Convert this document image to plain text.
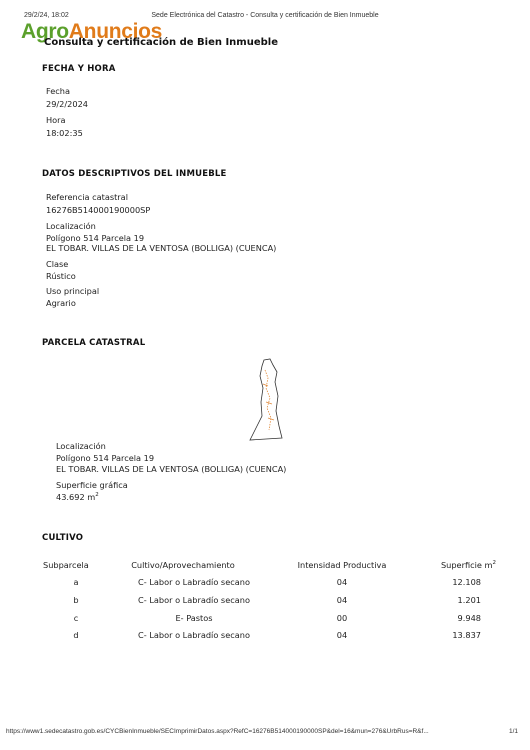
29/2/24, 18:02	Sede Electrónica del Catastro - Consulta y certificación de Bien Inmueble
AgroAnuncios
Consulta y certificación de Bien Inmueble
FECHA Y HORA
Fecha
29/2/2024
Hora
18:02:35
DATOS DESCRIPTIVOS DEL INMUEBLE
Referencia catastral
16276B514000190000SP
Localización
Polígono 514 Parcela 19
EL TOBAR. VILLAS DE LA VENTOSA (BOLLIGA) (CUENCA)
Clase
Rústico
Uso principal
Agrario
PARCELA CATASTRAL
Localización
Polígono 514 Parcela 19
EL TOBAR. VILLAS DE LA VENTOSA (BOLLIGA) (CUENCA)
Superficie gráfica
43.692 $m^2$
CULTIVO
Subparcela	Cultivo/Aprovechamiento	Intensidad Productiva	Superficie $m^2$
a	C- Labor o Labradío secano	04	12.108
b	C- Labor o Labradío secano	04	1.201
c	E- Pastos	00	9.948
d	C- Labor o Labradío secano	04	13.837
https://www1.sedecatastro.gob.es/CYCBienInmueble/SECImprimirDatos.aspx?RefC=16276B514000190000SP&del=16&mun=276&UrbRus=R&f...	1/1
